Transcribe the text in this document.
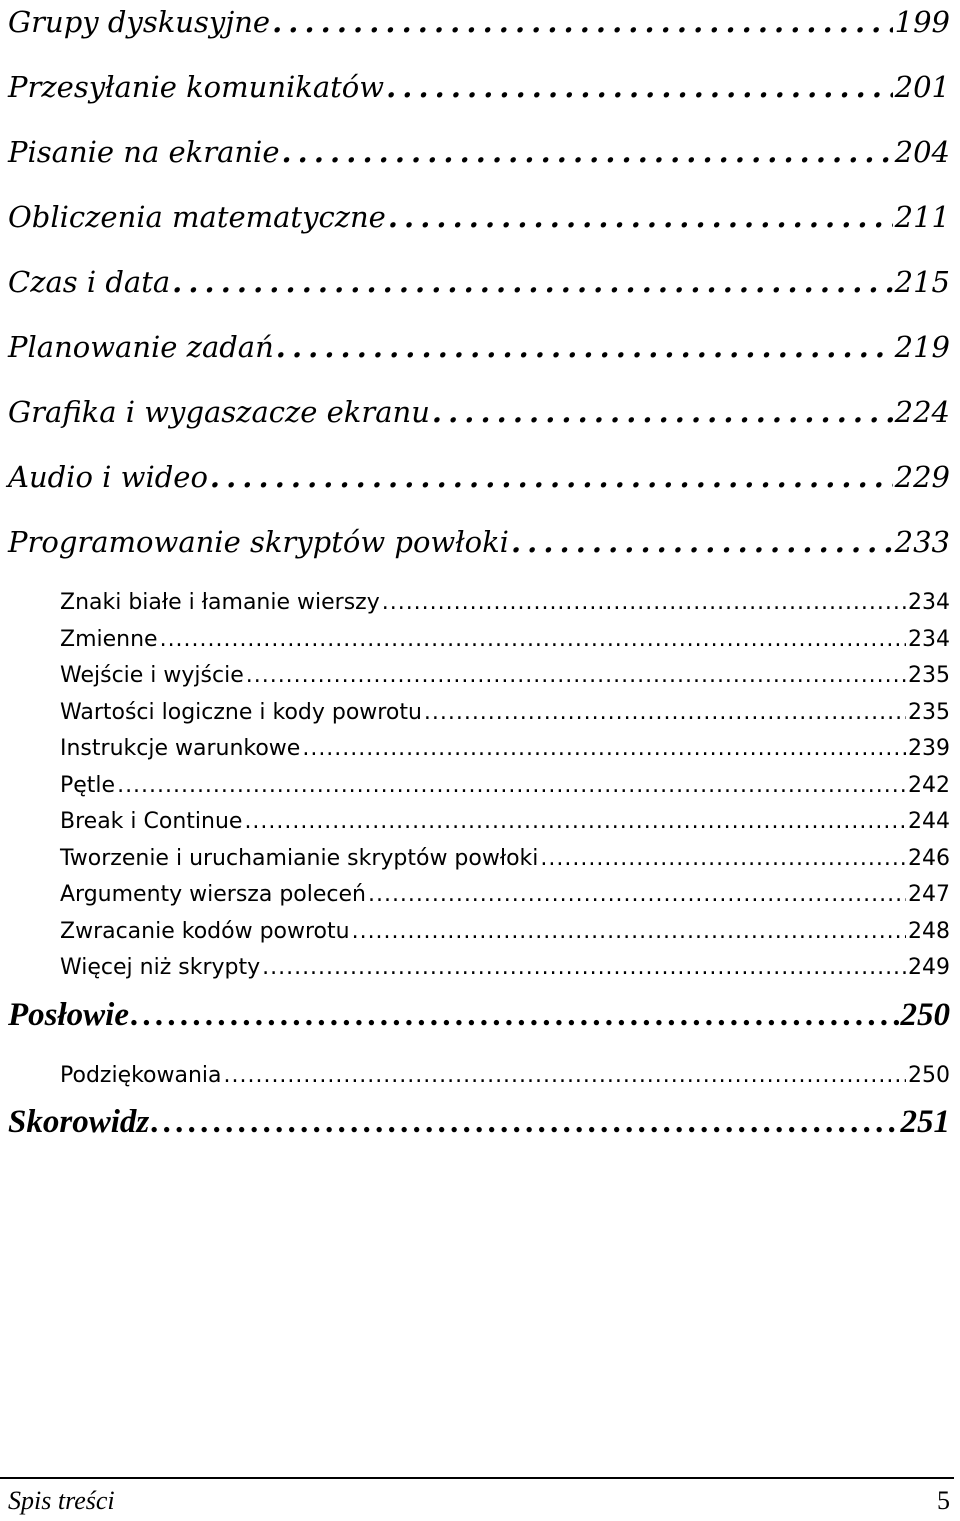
Grupy dyskusyjne . . .	199
Przesyłanie komunikatów . . .	201
Pisanie na ekranie . . .	204
Obliczenia matematyczne . . .	211
Czas i data . . .	215
Planowanie zadań . . .	219
Grafika i wygaszacze ekranu . . .	224
Audio i wideo . . .	229
Programowanie skryptów powłoki . . .	233
Znaki białe i łamanie wierszy . . .	234
Zmienne . . .	234
Wejście i wyjście . . .	235
Wartości logiczne i kody powrotu . . .	235
Instrukcje warunkowe . . .	239
Pętle . . .	242
Break i Continue . . .	244
Tworzenie i uruchamianie skryptów powłoki . . .	246
Argumenty wiersza poleceń . . .	247
Zwracanie kodów powrotu . . .	248
Więcej niż skrypty . . .	249
Posłowie . . .	250
Podziękowania . . .	250
Skorowidz . . .	251
Spis treści	5
